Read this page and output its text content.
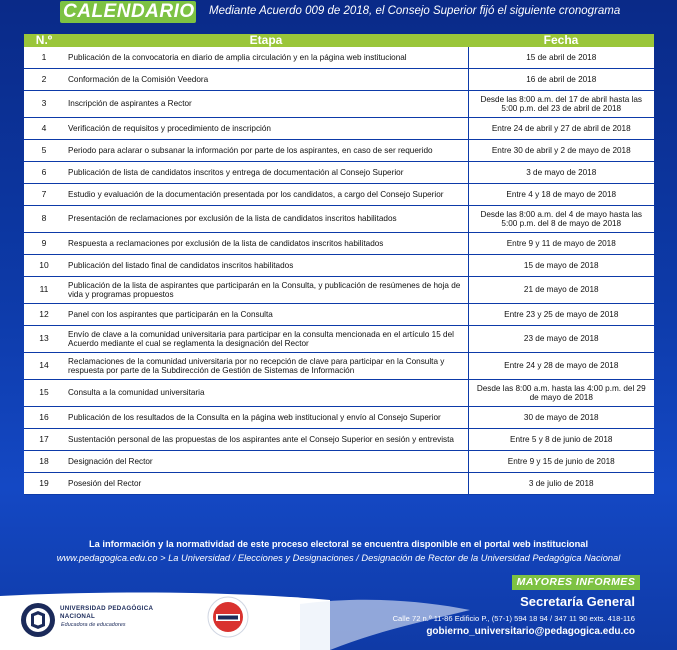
CALENDARIO Mediante Acuerdo 009 de 2018, el Consejo Superior fijó el siguiente cronograma
N.º	Etapa	Fecha
1	Publicación de la convocatoria en diario de amplia circulación y en la página web institucional	15 de abril de 2018
2	Conformación de la Comisión Veedora	16 de abril de 2018
3	Inscripción de aspirantes a Rector	Desde las 8:00 a.m. del 17 de abril hasta las 5:00 p.m. del 23 de abril de 2018
4	Verificación de requisitos y procedimiento de inscripción	Entre 24 de abril y 27 de abril de 2018
5	Periodo para aclarar o subsanar la información por parte de los aspirantes, en caso de ser requerido	Entre 30 de abril y 2 de mayo de 2018
6	Publicación de lista de candidatos inscritos y entrega de documentación al Consejo Superior	3 de mayo de 2018
7	Estudio y evaluación de la documentación presentada por los candidatos, a cargo del Consejo Superior	Entre 4 y 18 de mayo de 2018
8	Presentación de reclamaciones por exclusión de la lista de candidatos inscritos habilitados	Desde las 8:00 a.m. del 4 de mayo hasta las 5:00 p.m. del 8 de mayo de 2018
9	Respuesta a reclamaciones por exclusión de la lista de candidatos inscritos habilitados	Entre 9 y 11 de mayo de 2018
10	Publicación del listado final de candidatos inscritos habilitados	15 de mayo de 2018
11	Publicación de la lista de aspirantes que participarán en la Consulta, y publicación de resúmenes de hoja de vida y programas propuestos	21 de mayo de 2018
12	Panel con los aspirantes que participarán en la Consulta	Entre 23 y 25 de mayo de 2018
13	Envío de clave a la comunidad universitaria para participar en la consulta mencionada en el artículo 15 del Acuerdo mediante el cual se reglamenta la designación del Rector	23 de mayo de 2018
14	Reclamaciones de la comunidad universitaria por no recepción de clave para participar en la Consulta y respuesta por parte de la Subdirección de Gestión de Sistemas de Información	Entre 24 y 28 de mayo de 2018
15	Consulta a la comunidad universitaria	Desde las 8:00 a.m. hasta las 4:00 p.m. del 29 de mayo de 2018
16	Publicación de los resultados de la Consulta en la página web institucional y envío al Consejo Superior	30 de mayo de 2018
17	Sustentación personal de las propuestas de los aspirantes ante el Consejo Superior en sesión y entrevista	Entre 5 y 8 de junio de 2018
18	Designación del Rector	Entre 9 y 15 de junio de 2018
19	Posesión del Rector	3 de julio de 2018
La información y la normatividad de este proceso electoral se encuentra disponible en el portal web institucional
www.pedagogica.edu.co > La Universidad / Elecciones y Designaciones / Designación de Rector de la Universidad Pedagógica Nacional
UNIVERSIDAD PEDAGÓGICA
NACIONAL
Educadora de educadores
MAYORES INFORMES
Secretaría General
Calle 72 n.º 11-86 Edificio P., (57-1) 594 18 94 / 347 11 90 exts. 418-116
gobierno_universitario@pedagogica.edu.co
